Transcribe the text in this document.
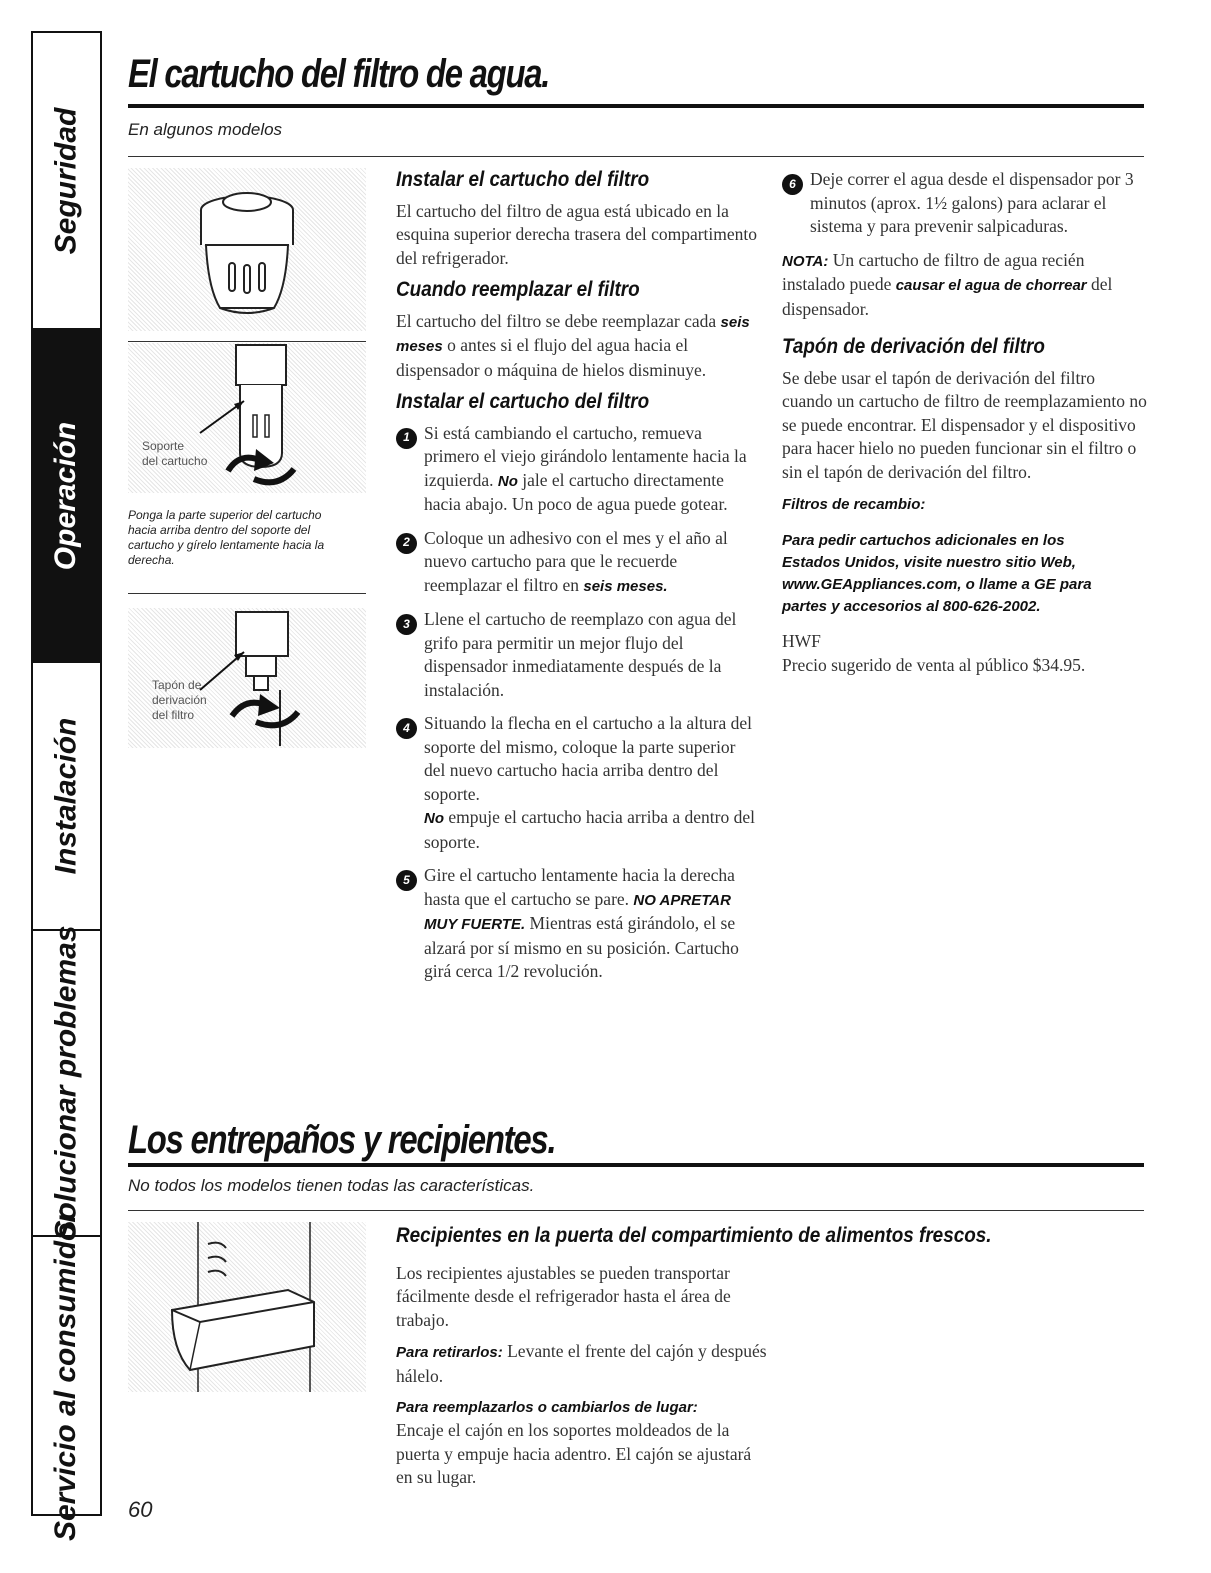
Seguridad
Operación
Instalación
Solucionar problemas
Servicio al consumidor
El cartucho del filtro de agua.
En algunos modelos
Soporte
del cartucho
Ponga la parte superior del cartucho hacia arriba dentro del soporte del cartucho y gírelo lentamente hacia la derecha.
Tapón de
derivación
del filtro
Instalar el cartucho del filtro

El cartucho del filtro de agua está ubicado en la esquina superior derecha trasera del compartimento del refrigerador.

Cuando reemplazar el filtro

El cartucho del filtro se debe reemplazar cada seis meses o antes si el flujo del agua hacia el dispensador o máquina de hielos disminuye.

Instalar el cartucho del filtro
1 Si está cambiando el cartucho, remueva primero el viejo girándolo lentamente hacia la izquierda. No jale el cartucho directamente hacia abajo. Un poco de agua puede gotear.
2 Coloque un adhesivo con el mes y el año al nuevo cartucho para que le recuerde reemplazar el filtro en seis meses.
3 Llene el cartucho de reemplazo con agua del grifo para permitir un mejor flujo del dispensador inmediatamente después de la instalación.
4 Situando la flecha en el cartucho a la altura del soporte del mismo, coloque la parte superior del nuevo cartucho hacia arriba dentro del soporte.
No empuje el cartucho hacia arriba a dentro del soporte.
5 Gire el cartucho lentamente hacia la derecha hasta que el cartucho se pare. NO APRETAR MUY FUERTE. Mientras está girándolo, el se alzará por sí mismo en su posición. Cartucho girá cerca 1/2 revolución.
6 Deje correr el agua desde el dispensador por 3 minutos (aprox. 1½ galons) para aclarar el sistema y para prevenir salpicaduras.

NOTA: Un cartucho de filtro de agua recién instalado puede causar el agua de chorrear del dispensador.

Tapón de derivación del filtro

Se debe usar el tapón de derivación del filtro cuando un cartucho de filtro de reemplazamiento no se puede encontrar. El dispensador y el dispositivo para hacer hielo no pueden funcionar sin el filtro o sin el tapón de derivación del filtro.

Filtros de recambio:
Para pedir cartuchos adicionales en los Estados Unidos, visite nuestro sitio Web, www.GEAppliances.com, o llame a GE para partes y accesorios al 800-626-2002.
HWF
Precio sugerido de venta al público $34.95.
Los entrepaños y recipientes.
No todos los modelos tienen todas las características.
Recipientes en la puerta del compartimiento de alimentos frescos.

Los recipientes ajustables se pueden transportar fácilmente desde el refrigerador hasta el área de trabajo.

Para retirarlos: Levante el frente del cajón y después hálelo.

Para reemplazarlos o cambiarlos de lugar:

Encaje el cajón en los soportes moldeados de la puerta y empuje hacia adentro. El cajón se ajustará en su lugar.

60
